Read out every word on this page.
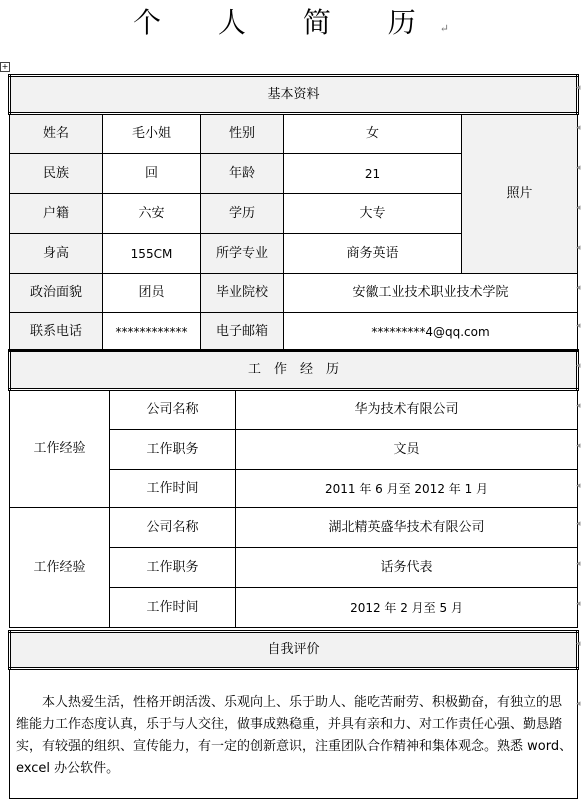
个 人 简 历↵
+
基本资料				
姓名	毛小姐	性别	女	照片
民族	回	年龄	21	
户籍	六安	学历	大专	
身高	155CM	所学专业	商务英语	
政治面貌	团员	毕业院校	安徽工业技术职业技术学院	
联系电话	************	电子邮箱	*********4@qq.com	
工　作　经　历		
工作经验	公司名称	华为技术有限公司
	工作职务	文员
	工作时间	2011 年 6 月至 2012 年 1 月
工作经验	公司名称	湖北精英盛华技术有限公司
	工作职务	话务代表
	工作时间	2012 年 2 月至 5 月
自我评价
　　本人热爱生活，性格开朗活泼、乐观向上、乐于助人、能吃苦耐劳、积极勤奋，有独立的思维能力工作态度认真，乐于与人交往，做事成熟稳重，并具有亲和力、对工作责任心强、勤恳踏实，有较强的组织、宣传能力，有一定的创新意识，注重团队合作精神和集体观念。熟悉 word、excel 办公软件。
◂
◂
◂
◂
◂
◂
◂
◂
◂
◂
◂
◂
◂
◂
◂
◂
